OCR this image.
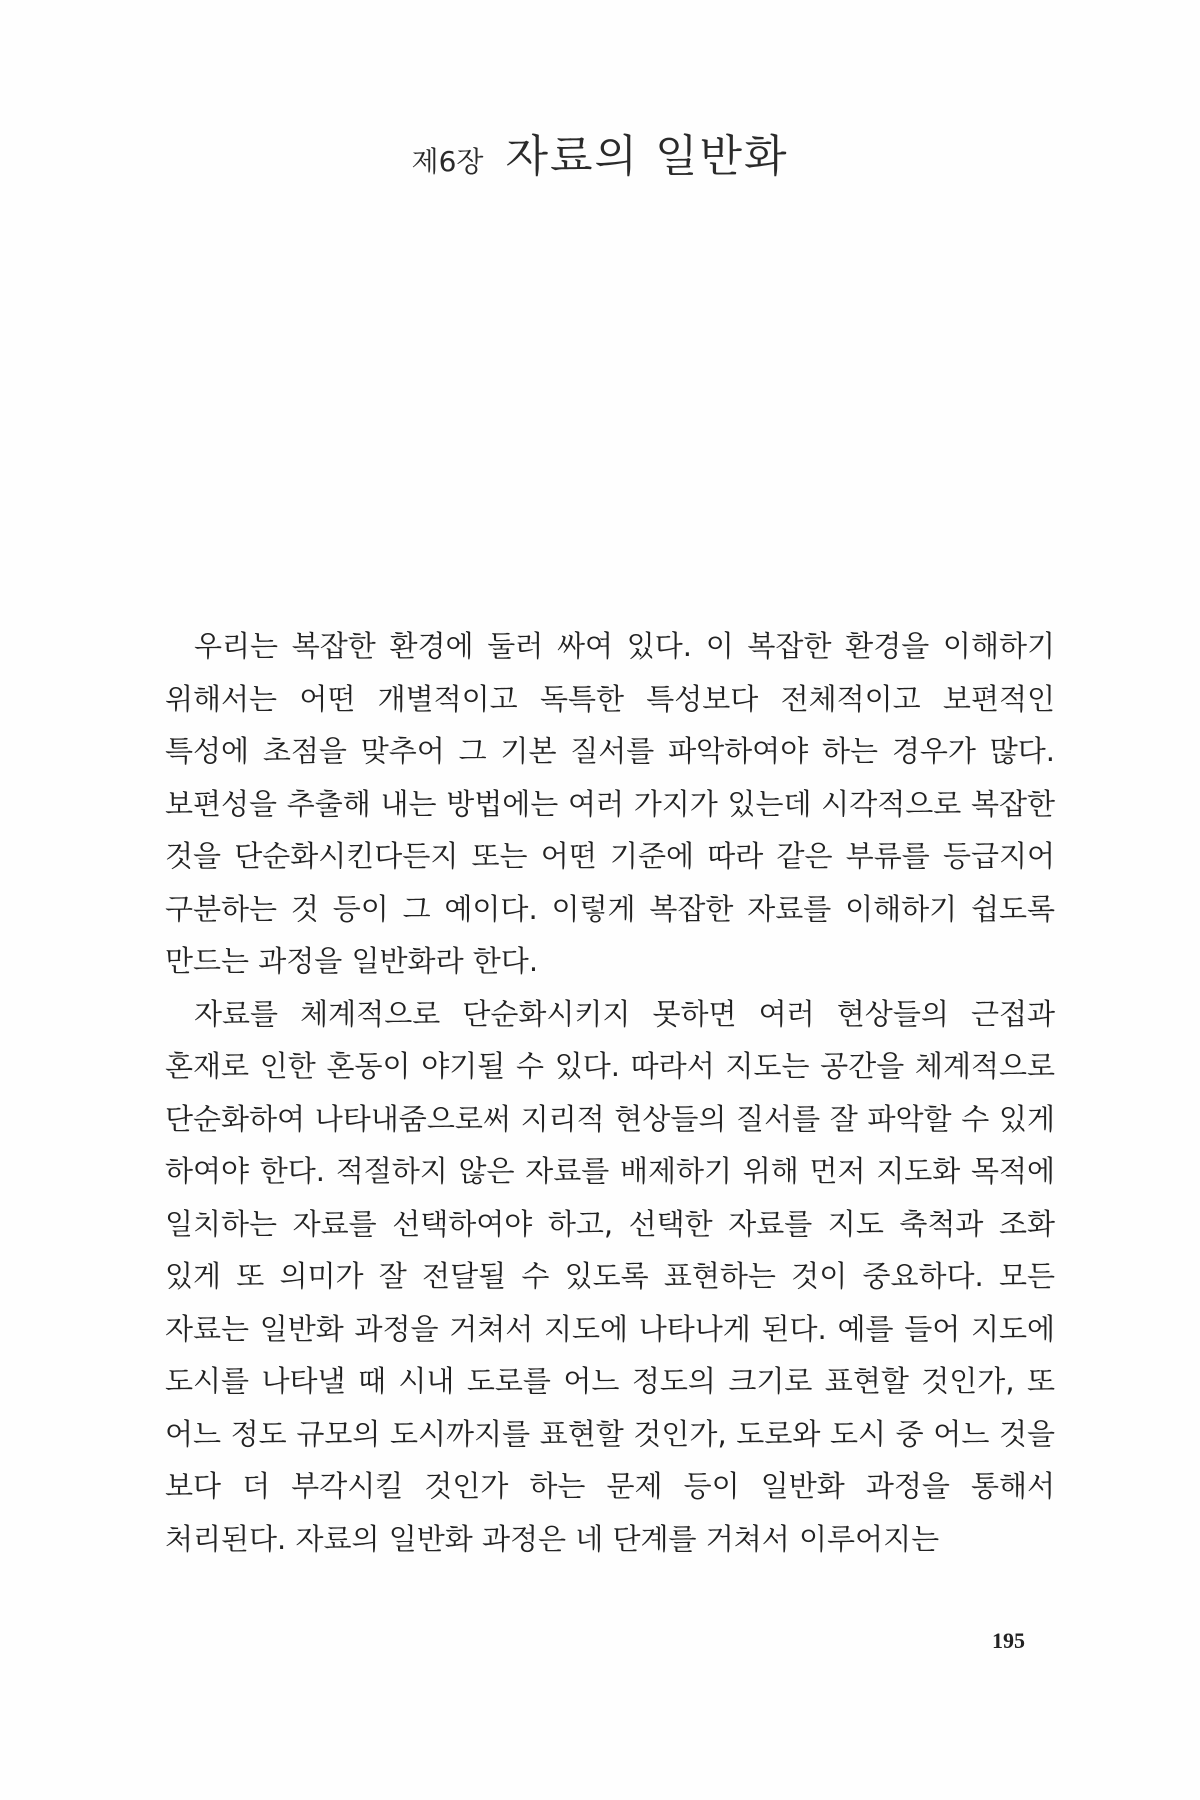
제6장 자료의 일반화

우리는 복잡한 환경에 둘러 싸여 있다. 이 복잡한 환경을 이해하기 위해서는 어떤 개별적이고 독특한 특성보다 전체적이고 보편적인 특성에 초점을 맞추어 그 기본 질서를 파악하여야 하는 경우가 많다. 보편성을 추출해 내는 방법에는 여러 가지가 있는데 시각적으로 복잡한 것을 단순화시킨다든지 또는 어떤 기준에 따라 같은 부류를 등급지어 구분하는 것 등이 그 예이다. 이렇게 복잡한 자료를 이해하기 쉽도록 만드는 과정을 일반화라 한다.

자료를 체계적으로 단순화시키지 못하면 여러 현상들의 근접과 혼재로 인한 혼동이 야기될 수 있다. 따라서 지도는 공간을 체계적으로 단순화하여 나타내줌으로써 지리적 현상들의 질서를 잘 파악할 수 있게 하여야 한다. 적절하지 않은 자료를 배제하기 위해 먼저 지도화 목적에 일치하는 자료를 선택하여야 하고, 선택한 자료를 지도 축척과 조화 있게 또 의미가 잘 전달될 수 있도록 표현하는 것이 중요하다. 모든 자료는 일반화 과정을 거쳐서 지도에 나타나게 된다. 예를 들어 지도에 도시를 나타낼 때 시내 도로를 어느 정도의 크기로 표현할 것인가, 또 어느 정도 규모의 도시까지를 표현할 것인가, 도로와 도시 중 어느 것을 보다 더 부각시킬 것인가 하는 문제 등이 일반화 과정을 통해서 처리된다. 자료의 일반화 과정은 네 단계를 거쳐서 이루어지는

195
